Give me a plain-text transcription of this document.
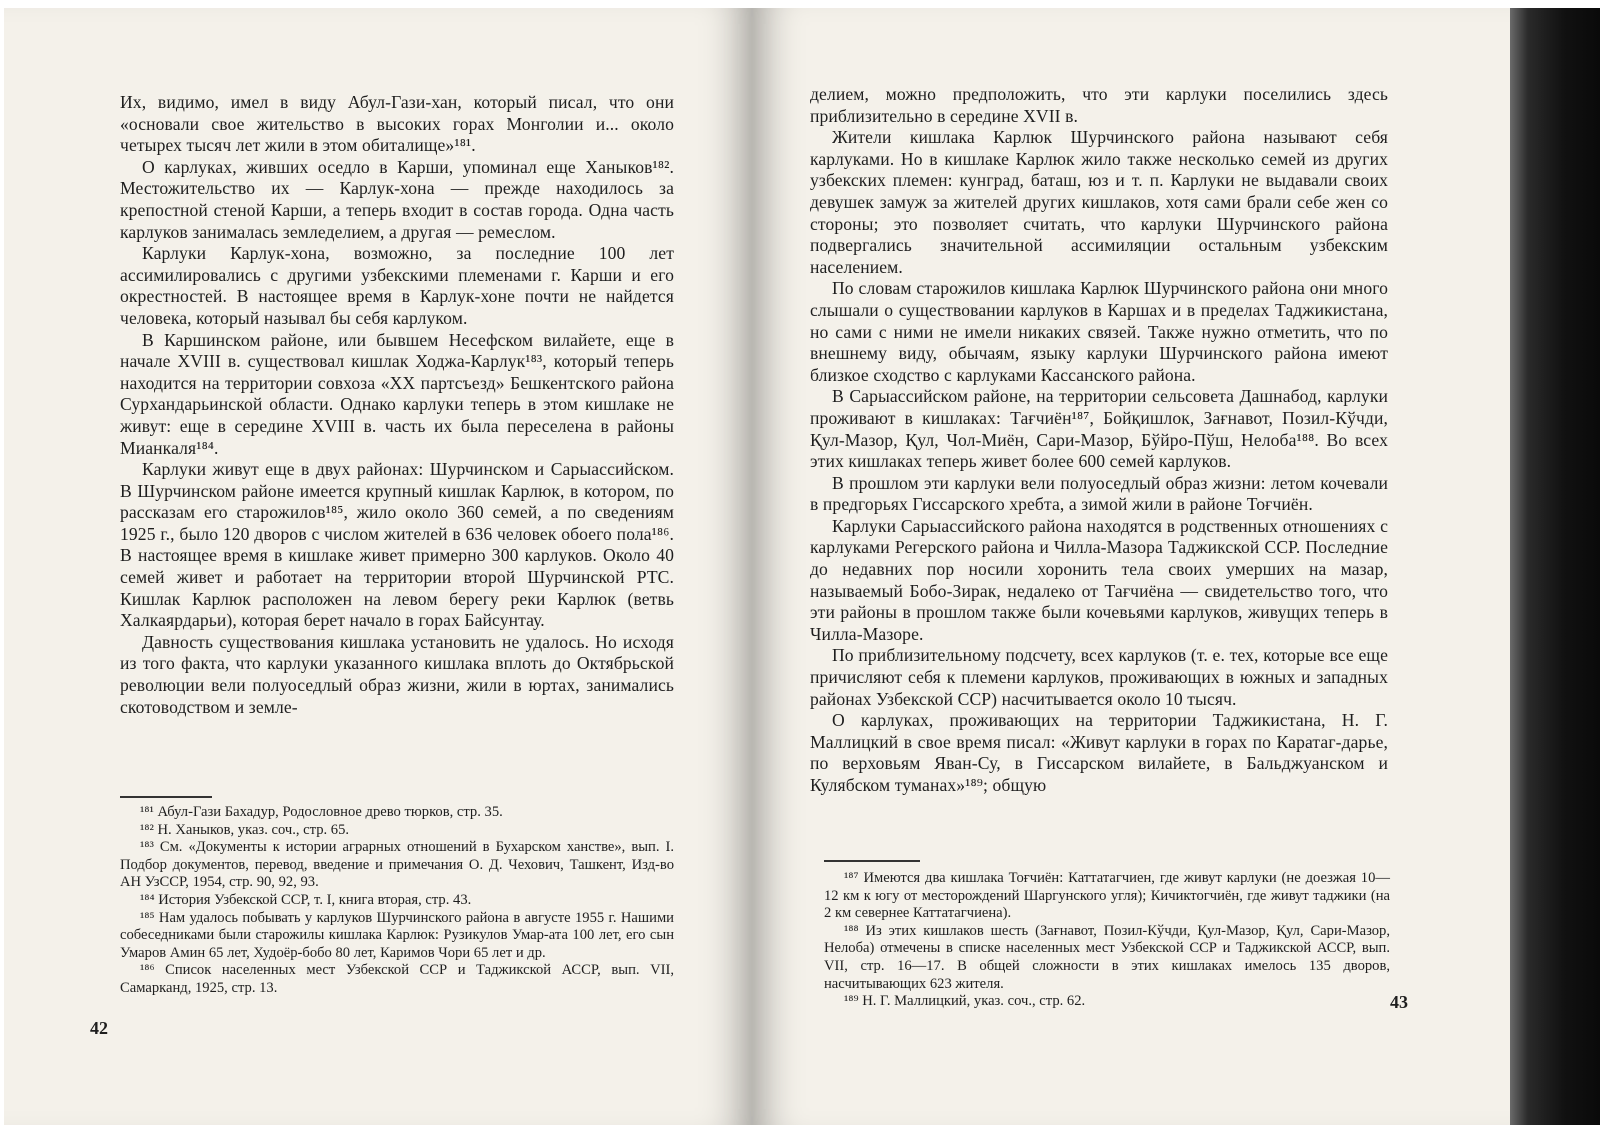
Их, видимо, имел в виду Абул-Гази-хан, который писал, что они «основали свое жительство в высоких горах Монголии и... около четырех тысяч лет жили в этом обиталище»¹⁸¹.

О карлуках, живших оседло в Карши, упоминал еще Ханыков¹⁸². Местожительство их — Карлук-хона — прежде находилось за крепостной стеной Карши, а теперь входит в состав города. Одна часть карлуков занималась земледелием, а другая — ремеслом.

Карлуки Карлук-хона, возможно, за последние 100 лет ассимилировались с другими узбекскими племенами г. Карши и его окрестностей. В настоящее время в Карлук-хоне почти не найдется человека, который называл бы себя карлуком.

В Каршинском районе, или бывшем Несефском вилайете, еще в начале XVIII в. существовал кишлак Ходжа-Карлук¹⁸³, который теперь находится на территории совхоза «XX партсъезд» Бешкентского района Сурхандарьинской области. Однако карлуки теперь в этом кишлаке не живут: еще в середине XVIII в. часть их была переселена в районы Мианкаля¹⁸⁴.

Карлуки живут еще в двух районах: Шурчинском и Сарыассийском. В Шурчинском районе имеется крупный кишлак Карлюк, в котором, по рассказам его старожилов¹⁸⁵, жило около 360 семей, а по сведениям 1925 г., было 120 дворов с числом жителей в 636 человек обоего пола¹⁸⁶. В настоящее время в кишлаке живет примерно 300 карлуков. Около 40 семей живет и работает на территории второй Шурчинской РТС. Кишлак Карлюк расположен на левом берегу реки Карлюк (ветвь Халкаярдарьи), которая берет начало в горах Байсунтау.

Давность существования кишлака установить не удалось. Но исходя из того факта, что карлуки указанного кишлака вплоть до Октябрьской революции вели полуоседлый образ жизни, жили в юртах, занимались скотоводством и земле-

¹⁸¹ Абул-Гази Бахадур, Родословное древо тюрков, стр. 35.

¹⁸² Н. Ханыков, указ. соч., стр. 65.

¹⁸³ См. «Документы к истории аграрных отношений в Бухарском ханстве», вып. I. Подбор документов, перевод, введение и примечания О. Д. Чехович, Ташкент, Изд-во АН УзССР, 1954, стр. 90, 92, 93.

¹⁸⁴ История Узбекской ССР, т. I, книга вторая, стр. 43.

¹⁸⁵ Нам удалось побывать у карлуков Шурчинского района в августе 1955 г. Нашими собеседниками были старожилы кишлака Карлюк: Рузикулов Умар-ата 100 лет, его сын Умаров Амин 65 лет, Худоёр-бобо 80 лет, Каримов Чори 65 лет и др.

¹⁸⁶ Список населенных мест Узбекской ССР и Таджикской АССР, вып. VII, Самарканд, 1925, стр. 13.

42

делием, можно предположить, что эти карлуки поселились здесь приблизительно в середине XVII в.

Жители кишлака Карлюк Шурчинского района называют себя карлуками. Но в кишлаке Карлюк жило также несколько семей из других узбекских племен: кунград, баташ, юз и т. п. Карлуки не выдавали своих девушек замуж за жителей других кишлаков, хотя сами брали себе жен со стороны; это позволяет считать, что карлуки Шурчинского района подвергались значительной ассимиляции остальным узбекским населением.

По словам старожилов кишлака Карлюк Шурчинского района они много слышали о существовании карлуков в Каршах и в пределах Таджикистана, но сами с ними не имели никаких связей. Также нужно отметить, что по внешнему виду, обычаям, языку карлуки Шурчинского района имеют близкое сходство с карлуками Кассанского района.

В Сарыассийском районе, на территории сельсовета Дашнабод, карлуки проживают в кишлаках: Тағчиён¹⁸⁷, Бойқишлок, Зағнавот, Позил-Кўчди, Қул-Мазор, Қул, Чол-Миён, Сари-Мазор, Бўйро-Пўш, Нелоба¹⁸⁸. Во всех этих кишлаках теперь живет более 600 семей карлуков.

В прошлом эти карлуки вели полуоседлый образ жизни: летом кочевали в предгорьях Гиссарского хребта, а зимой жили в районе Тоғчиён.

Карлуки Сарыассийского района находятся в родственных отношениях с карлуками Регерского района и Чилла-Мазора Таджикской ССР. Последние до недавних пор носили хоронить тела своих умерших на мазар, называемый Бобо-Зирак, недалеко от Тағчиёна — свидетельство того, что эти районы в прошлом также были кочевьями карлуков, живущих теперь в Чилла-Мазоре.

По приблизительному подсчету, всех карлуков (т. е. тех, которые все еще причисляют себя к племени карлуков, проживающих в южных и западных районах Узбекской ССР) насчитывается около 10 тысяч.

О карлуках, проживающих на территории Таджикистана, Н. Г. Маллицкий в свое время писал: «Живут карлуки в горах по Каратаг-дарье, по верховьям Яван-Су, в Гиссарском вилайете, в Бальджуанском и Кулябском туманах»¹⁸⁹; общую

¹⁸⁷ Имеются два кишлака Тоғчиён: Каттатагчиен, где живут карлуки (не доезжая 10—12 км к югу от месторождений Шаргунского угля); Кичиктогчиён, где живут таджики (на 2 км севернее Каттатагчиена).

¹⁸⁸ Из этих кишлаков шесть (Зағнавот, Позил-Кўчди, Қул-Мазор, Қул, Сари-Мазор, Нелоба) отмечены в списке населенных мест Узбекской ССР и Таджикской АССР, вып. VII, стр. 16—17. В общей сложности в этих кишлаках имелось 135 дворов, насчитывающих 623 жителя.

¹⁸⁹ Н. Г. Маллицкий, указ. соч., стр. 62.	43
